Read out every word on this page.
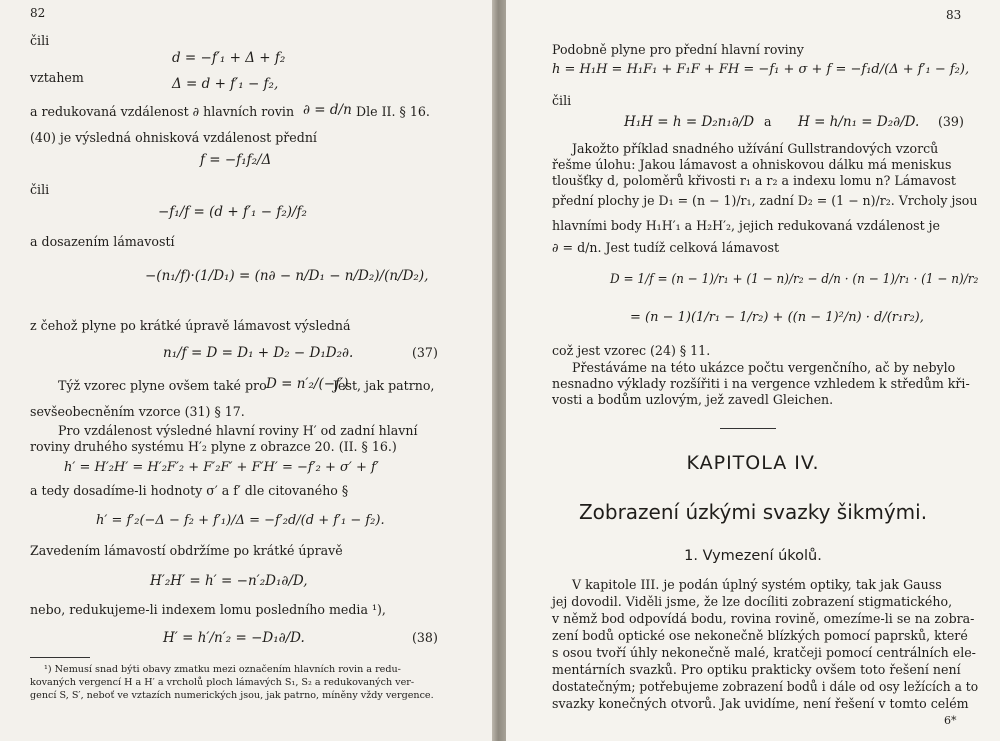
82
čili
d = −f′₁ + Δ + f₂
vztahem	Δ = d + f′₁ − f₂,
a redukovaná vzdálenost ∂ hlavních rovin ∂ = d/n Dle II. § 16.
(40) je výsledná ohnisková vzdálenost přední
f = −f₁f₂/Δ
čili
−f₁/f = (d + f′₁ − f₂)/f₂
a dosazením lámavostí
−(n₁/f)·(1/D₁) = (n∂ − n/D₁ − n/D₂)/(n/D₂),
z čehož plyne po krátké úpravě lámavost výsledná
n₁/f = D = D₁ + D₂ − D₁D₂∂.	(37)
Týž vzorec plyne ovšem také pro D = n′₂/(−f′)
Jest, jak patrno,
sevšeobecněním vzorce (31) § 17.
Pro vzdálenost výsledné hlavní roviny H′ od zadní hlavní
roviny druhého systému H′₂ plyne z obrazce 20. (II. § 16.)
h′ = H′₂H′ = H′₂F′₂ + F′₂F′ + F′H′ = −f′₂ + σ′ + f′
a tedy dosadíme-li hodnoty σ′ a f′ dle citovaného §
h′ = f′₂(−Δ − f₂ + f′₁)/Δ = −f′₂d/(d + f′₁ − f₂).
Zavedením lámavostí obdržíme po krátké úpravě
H′₂H′ = h′ = −n′₂D₁∂/D,
nebo, redukujeme-li indexem lomu posledního media ¹),
H′ = h′/n′₂ = −D₁∂/D.	(38)
¹) Nemusí snad býti obavy zmatku mezi označením hlavních rovin a redu-
kovaných vergencí H a H′ a vrcholů ploch lámavých S₁, S₂ a redukovaných ver-
gencí S, S′, neboť ve vztazích numerických jsou, jak patrno, míněny vždy vergence.
83
Podobně plyne pro přední hlavní roviny
h = H₁H = H₁F₁ + F₁F + FH = −f₁ + σ + f = −f₁d/(Δ + f′₁ − f₂),
čili
H₁H = h = D₂n₁∂/D a H = h/n₁ = D₂∂/D. (39)
Jakožto příklad snadného užívání Gullstrandových vzorců
řešme úlohu: Jakou lámavost a ohniskovou dálku má meniskus
tloušťky d, poloměrů křivosti r₁ a r₂ a indexu lomu n? Lámavost
přední plochy je D₁ = (n − 1)/r₁, zadní D₂ = (1 − n)/r₂. Vrcholy jsou
hlavními body H₁H′₁ a H₂H′₂, jejich redukovaná vzdálenost je
∂ = d/n. Jest tudíž celková lámavost
D = 1/f = (n − 1)/r₁ + (1 − n)/r₂ − d/n · (n − 1)/r₁ · (1 − n)/r₂
= (n − 1)(1/r₁ − 1/r₂) + ((n − 1)²/n) · d/(r₁r₂),
což jest vzorec (24) § 11.
Přestáváme na této ukázce počtu vergenčního, ač by nebylo
nesnadno výklady rozšířiti i na vergence vzhledem k středům kři-
vosti a bodům uzlovým, jež zavedl Gleichen.
KAPITOLA IV.
Zobrazení úzkými svazky šikmými.
1. Vymezení úkolů.
V kapitole III. je podán úplný systém optiky, tak jak Gauss
jej dovodil. Viděli jsme, že lze docíliti zobrazení stigmatického,
v němž bod odpovídá bodu, rovina rovině, omezíme-li se na zobra-
zení bodů optické ose nekonečně blízkých pomocí paprsků, které
s osou tvoří úhly nekonečně malé, kratčeji pomocí centrálních ele-
mentárních svazků. Pro optiku prakticky ovšem toto řešení není
dostatečným; potřebujeme zobrazení bodů i dále od osy ležících a to
svazky konečných otvorů. Jak uvidíme, není řešení v tomto celém
6*
